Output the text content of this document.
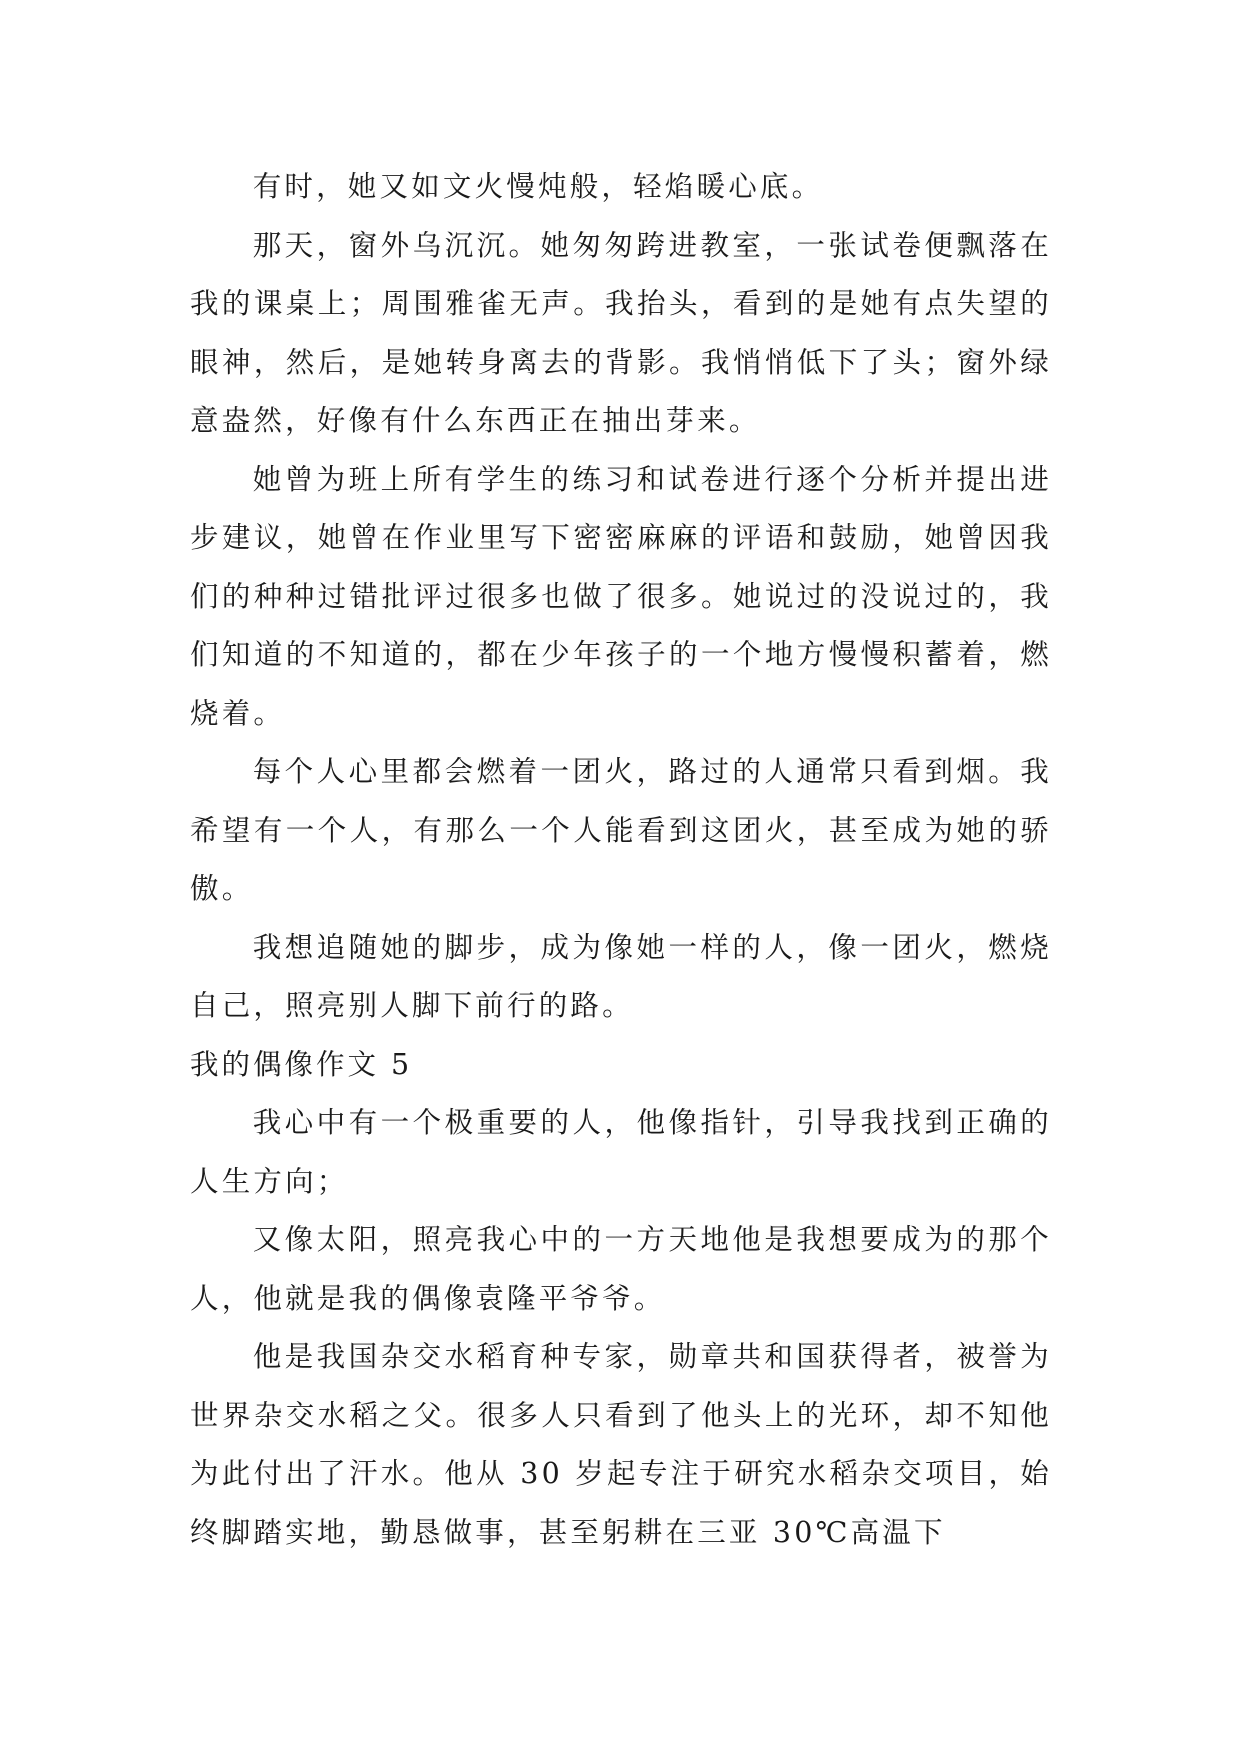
有时，她又如文火慢炖般，轻焰暖心底。

那天，窗外乌沉沉。她匆匆跨进教室，一张试卷便飘落在我的课桌上；周围雅雀无声。我抬头，看到的是她有点失望的眼神，然后，是她转身离去的背影。我悄悄低下了头；窗外绿意盎然，好像有什么东西正在抽出芽来。

她曾为班上所有学生的练习和试卷进行逐个分析并提出进步建议，她曾在作业里写下密密麻麻的评语和鼓励，她曾因我们的种种过错批评过很多也做了很多。她说过的没说过的，我们知道的不知道的，都在少年孩子的一个地方慢慢积蓄着，燃烧着。

每个人心里都会燃着一团火，路过的人通常只看到烟。我希望有一个人，有那么一个人能看到这团火，甚至成为她的骄傲。

我想追随她的脚步，成为像她一样的人，像一团火，燃烧自己，照亮别人脚下前行的路。

我的偶像作文 5

我心中有一个极重要的人，他像指针，引导我找到正确的人生方向；

又像太阳，照亮我心中的一方天地他是我想要成为的那个人，他就是我的偶像袁隆平爷爷。

他是我国杂交水稻育种专家，勋章共和国获得者，被誉为世界杂交水稻之父。很多人只看到了他头上的光环，却不知他为此付出了汗水。他从 30 岁起专注于研究水稻杂交项目，始终脚踏实地，勤恳做事，甚至躬耕在三亚 30℃高温下
